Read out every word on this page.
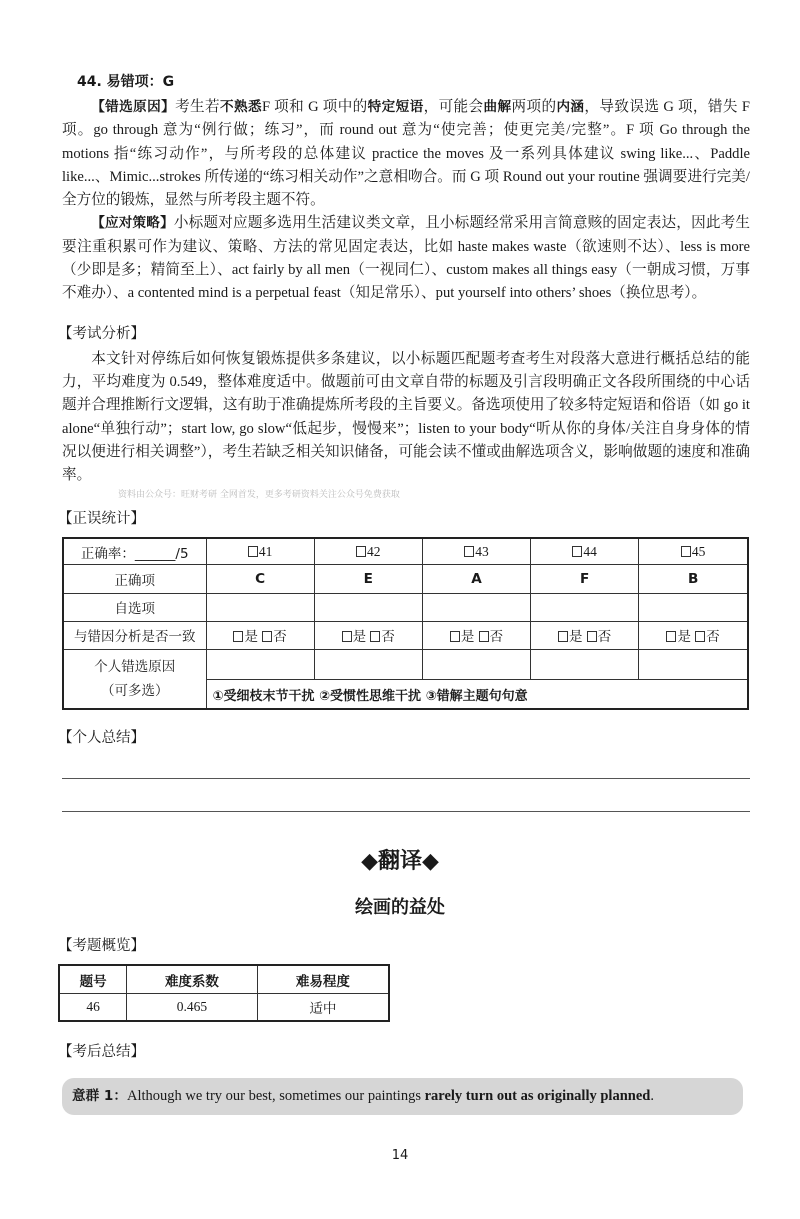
44. 易错项：G
【错选原因】考生若不熟悉F 项和 G 项中的特定短语，可能会曲解两项的内涵，导致误选 G 项，错失 F 项。go through 意为“例行做；练习”，而 round out 意为“使完善；使更完美/完整”。F 项 Go through the motions 指“练习动作”，与所考段的总体建议 practice the moves 及一系列具体建议 swing like...、Paddle like...、Mimic...strokes 所传递的“练习相关动作”之意相吻合。而 G 项 Round out your routine 强调要进行完美/全方位的锻炼，显然与所考段主题不符。
【应对策略】小标题对应题多选用生活建议类文章，且小标题经常采用言简意赅的固定表达，因此考生要注重积累可作为建议、策略、方法的常见固定表达，比如 haste makes waste（欲速则不达）、less is more（少即是多；精简至上）、act fairly by all men（一视同仁）、custom makes all things easy（一朝成习惯，万事不难办）、a contented mind is a perpetual feast（知足常乐）、put yourself into others’ shoes（换位思考）。
【考试分析】
本文针对停练后如何恢复锻炼提供多条建议，以小标题匹配题考查考生对段落大意进行概括总结的能力，平均难度为 0.549，整体难度适中。做题前可由文章自带的标题及引言段明确正文各段所围绕的中心话题并合理推断行文逻辑，这有助于准确提炼所考段的主旨要义。备选项使用了较多特定短语和俗语（如 go it alone“单独行动”；start low, go slow“低起步，慢慢来”；listen to your body“听从你的身体/关注自身身体的情况以便进行相关调整”），考生若缺乏相关知识储备，可能会读不懂或曲解选项含义，影响做题的速度和准确率。
资料由公众号：旺财考研 全网首发，更多考研资料关注公众号免费获取
【正误统计】
正确率：______/5	41	42	43	44	45
正确项	C	E	A	F	B
自选项					
与错因分析是否一致	是 否	是 否	是 否	是 否	是 否

个人错选原因
（可多选）					

	①受细枝末节干扰 ②受惯性思维干扰 ③错解主题句句意				
【个人总结】
◆翻译◆
绘画的益处
【考题概览】
题号	难度系数	难易程度
46	0.465	适中
【考后总结】
意群 1：Although we try our best, sometimes our paintings rarely turn out as originally planned.
14
